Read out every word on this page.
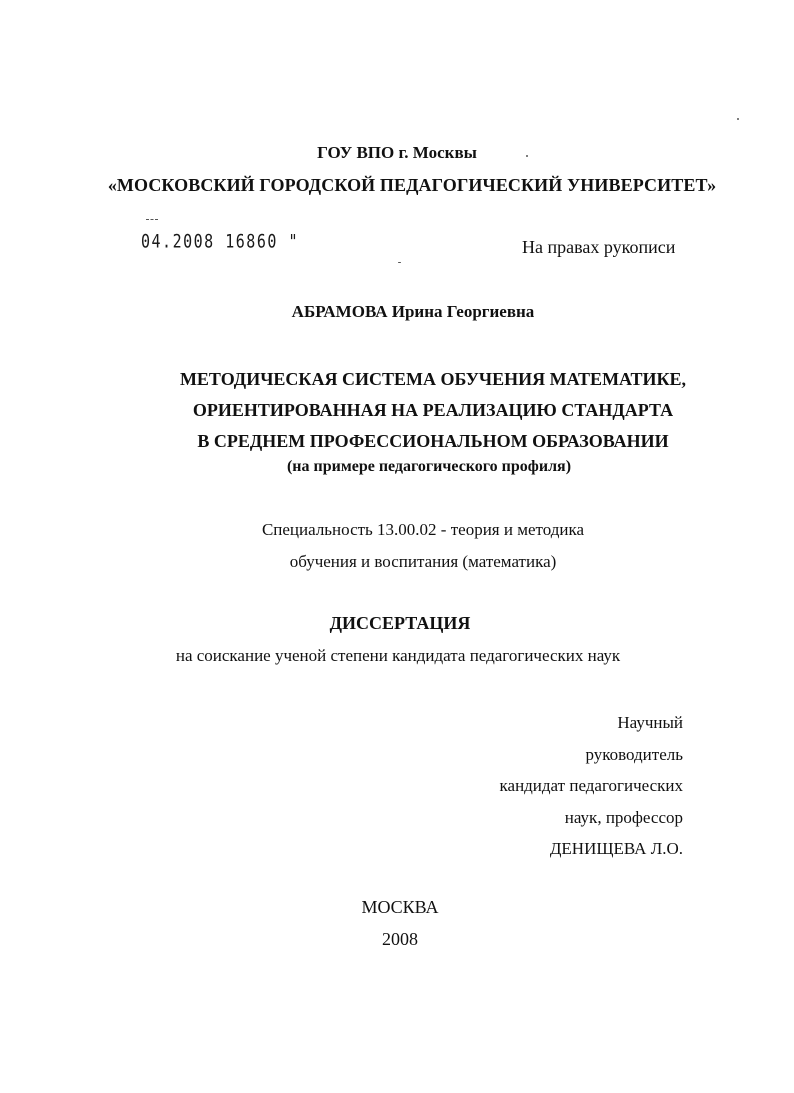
ГОУ ВПО г. Москвы
«МОСКОВСКИЙ ГОРОДСКОЙ ПЕДАГОГИЧЕСКИЙ УНИВЕРСИТЕТ»
04.2008 16860 "	На правах рукописи
АБРАМОВА Ирина Георгиевна
МЕТОДИЧЕСКАЯ СИСТЕМА ОБУЧЕНИЯ МАТЕМАТИКЕ,
ОРИЕНТИРОВАННАЯ НА РЕАЛИЗАЦИЮ СТАНДАРТА
В СРЕДНЕМ ПРОФЕССИОНАЛЬНОМ ОБРАЗОВАНИИ
(на примере педагогического профиля)
Специальность 13.00.02 - теория и методика
обучения и воспитания (математика)
ДИССЕРТАЦИЯ
на соискание ученой степени кандидата педагогических наук
Научный
руководитель
кандидат педагогических
наук, профессор
ДЕНИЩЕВА Л.О.
МОСКВА
2008
